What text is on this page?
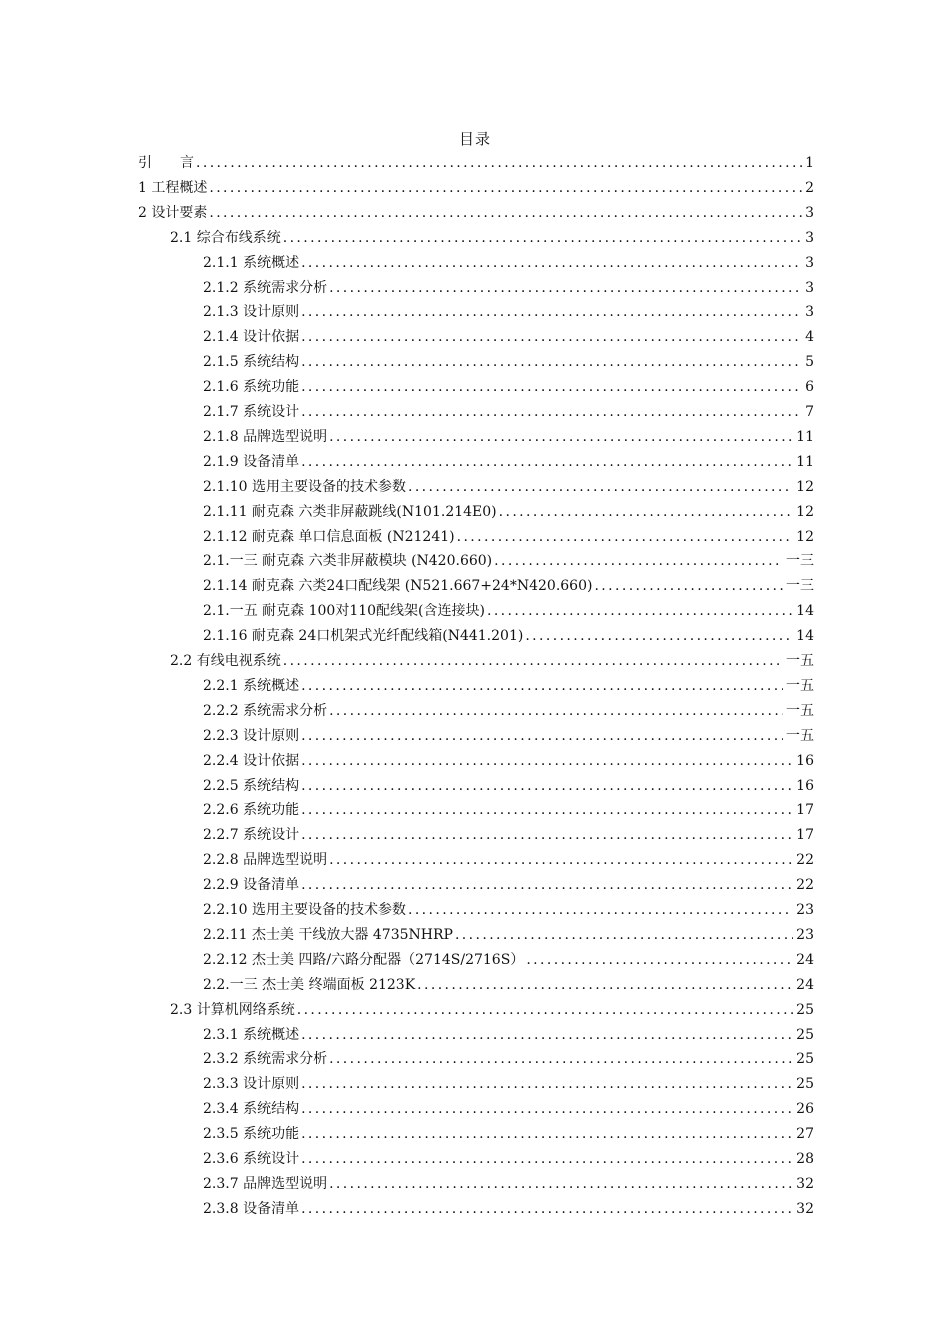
目录
引　　言 .....	1
1 工程概述 .....	2
2 设计要素 .....	3
2.1 综合布线系统 .....	3
2.1.1 系统概述 .....	3
2.1.2 系统需求分析 .....	3
2.1.3 设计原则 .....	3
2.1.4 设计依据 .....	4
2.1.5 系统结构 .....	5
2.1.6 系统功能 .....	6
2.1.7 系统设计 .....	7
2.1.8 品牌选型说明 .....	11
2.1.9 设备清单 .....	11
2.1.10 选用主要设备的技术参数 .....	12
2.1.11 耐克森 六类非屏蔽跳线(N101.214E0) .....	12
2.1.12 耐克森 单口信息面板 (N21241) .....	12
2.1.一三 耐克森 六类非屏蔽模块 (N420.660) .....	一三
2.1.14 耐克森 六类24口配线架 (N521.667+24*N420.660) .....	一三
2.1.一五 耐克森 100对110配线架(含连接块) .....	14
2.1.16 耐克森 24口机架式光纤配线箱(N441.201) .....	14
2.2 有线电视系统 .....	一五
2.2.1 系统概述 .....	一五
2.2.2 系统需求分析 .....	一五
2.2.3 设计原则 .....	一五
2.2.4 设计依据 .....	16
2.2.5 系统结构 .....	16
2.2.6 系统功能 .....	17
2.2.7 系统设计 .....	17
2.2.8 品牌选型说明 .....	22
2.2.9 设备清单 .....	22
2.2.10 选用主要设备的技术参数 .....	23
2.2.11 杰士美 干线放大器 4735NHRP .....	23
2.2.12 杰士美 四路/六路分配器（2714S/2716S） .....	24
2.2.一三 杰士美 终端面板 2123K .....	24
2.3 计算机网络系统 .....	25
2.3.1 系统概述 .....	25
2.3.2 系统需求分析 .....	25
2.3.3 设计原则 .....	25
2.3.4 系统结构 .....	26
2.3.5 系统功能 .....	27
2.3.6 系统设计 .....	28
2.3.7 品牌选型说明 .....	32
2.3.8 设备清单 .....	32
